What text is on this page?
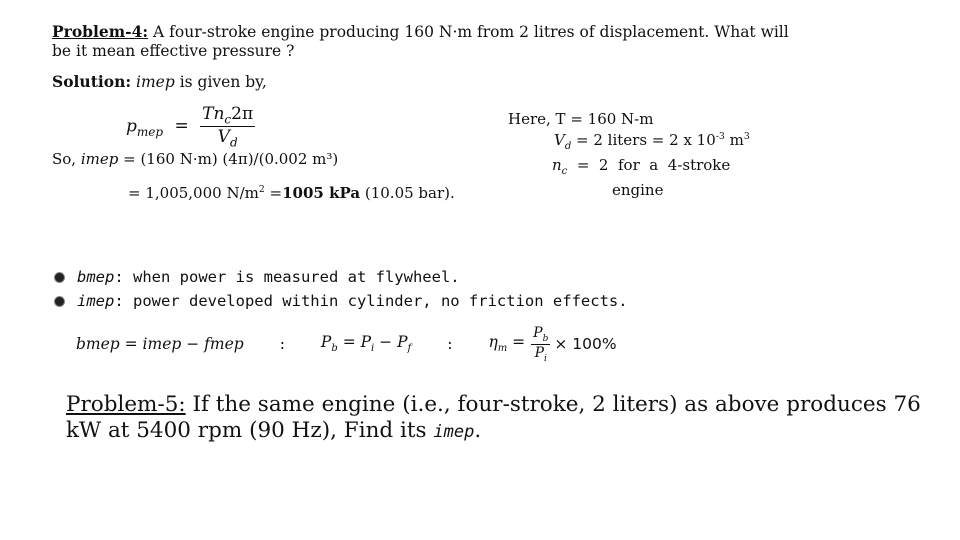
Problem-4: A four-stroke engine producing 160 N·m from 2 litres of displacement. What will be it mean effective pressure ?
Solution: imep is given by,
$p_{mep} = \frac{Tn_c2\pi}{V_d}$	Here, T = 160 N-m
$V_d = 2$ liters = 2 x $10^{-3}$ $m^3$
$n_c = 2$  for  a  4-stroke
engine
So, imep = (160 N·m) (4π)/(0.002 m³)
= 1,005,000 $N/m^2 =1005$ kPa (10.05 bar).
bmep: when power is measured at flywheel.
imep: power developed within cylinder, no friction effects.
bmep = imep − fmep : $P_b = P_i - P_f$ : $\eta_m = \frac{P_b}{P_i} \times 100\%$
Problem-5: If the same engine (i.e., four-stroke, 2 liters) as above produces 76 kW at 5400 rpm (90 Hz), Find its imep.
